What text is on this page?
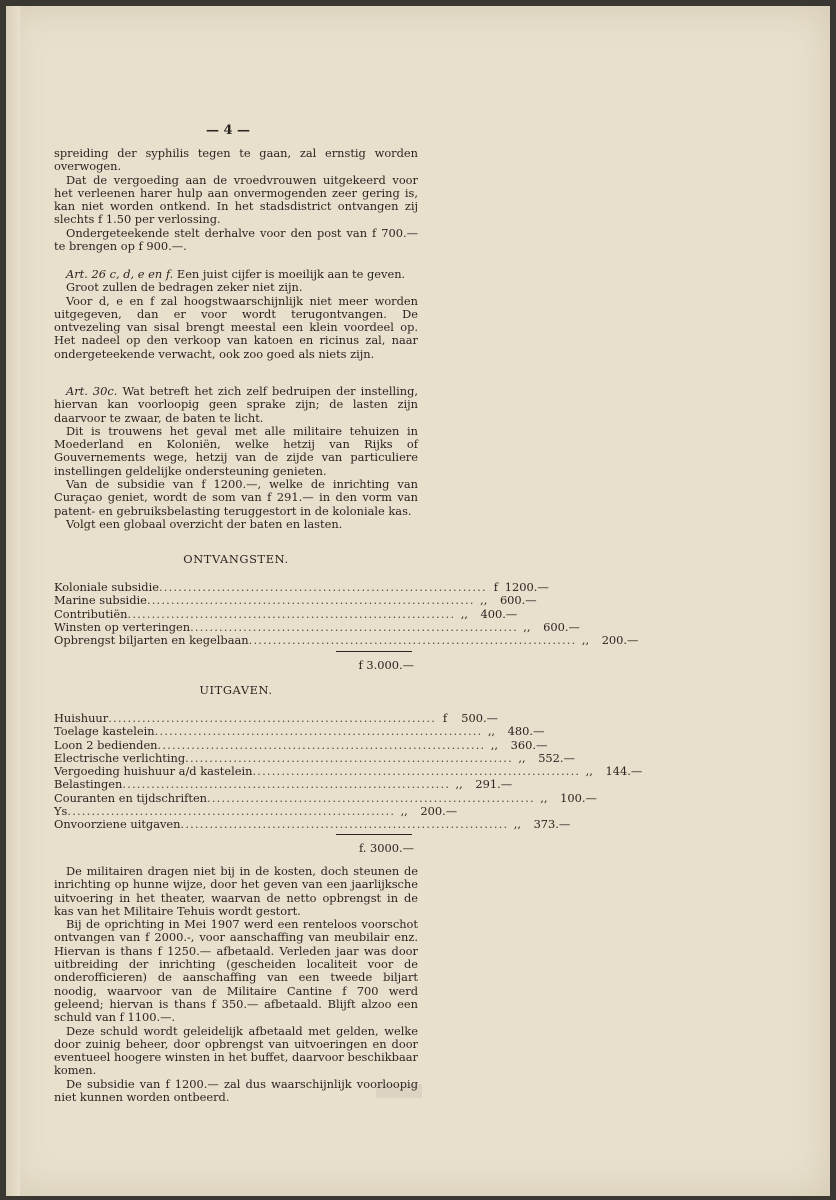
— 4 —

spreiding der syphilis tegen te gaan, zal ernstig worden overwogen.

Dat de vergoeding aan de vroedvrouwen uitgekeerd voor het verleenen harer hulp aan onvermogenden zeer gering is, kan niet worden ontkend. In het stadsdistrict ontvangen zij slechts f 1.50 per verlossing.

Ondergeteekende stelt derhalve voor den post van f 700.— te brengen op f 900.—.

Art. 26 c, d, e en f. Een juist cijfer is moeilijk aan te geven.

Groot zullen de bedragen zeker niet zijn.

Voor d, e en f zal hoogstwaarschijnlijk niet meer worden uitgegeven, dan er voor wordt terugontvangen. De ontvezeling van sisal brengt meestal een klein voordeel op. Het nadeel op den verkoop van katoen en ricinus zal, naar ondergeteekende verwacht, ook zoo goed als niets zijn.

Art. 30c. Wat betreft het zich zelf bedruipen der instelling, hiervan kan voorloopig geen sprake zijn; de lasten zijn daarvoor te zwaar, de baten te licht.

Dit is trouwens het geval met alle militaire tehuizen in Moederland en Koloniën, welke hetzij van Rijks of Gouvernements wege, hetzij van de zijde van particuliere instellingen geldelijke ondersteuning genieten.

Van de subsidie van f 1200.—, welke de inrichting van Curaçao geniet, wordt de som van f 291.— in den vorm van patent- en gebruiksbelasting teruggestort in de koloniale kas.

Volgt een globaal overzicht der baten en lasten.

ONTVANGSTEN.
Koloniale subsidie .................................................................... f 1200.—
Marine subsidie .................................................................... ,,	600.—
Contributiën .................................................................... ,,	400.—
Winsten op verteringen .................................................................... ,,	600.—
Opbrengst biljarten en kegelbaan .................................................................... ,,	200.—
f 3.000.—
UITGAVEN.
Huishuur .................................................................... f	500.—
Toelage kastelein .................................................................... ,,	480.—
Loon 2 bedienden .................................................................... ,,	360.—
Electrische verlichting .................................................................... ,,	552.—
Vergoeding huishuur a/d kastelein .................................................................... ,,	144.—
Belastingen .................................................................... ,,	291.—
Couranten en tijdschriften .................................................................... ,,	100.—
Ys .................................................................... ,,	200.—
Onvoorziene uitgaven .................................................................... ,,	373.—
f. 3000.—

De militairen dragen niet bij in de kosten, doch steunen de inrichting op hunne wijze, door het geven van een jaarlijksche uitvoering in het theater, waarvan de netto opbrengst in de kas van het Militaire Tehuis wordt gestort.

Bij de oprichting in Mei 1907 werd een renteloos voorschot ontvangen van f 2000.-, voor aanschaffing van meubilair enz. Hiervan is thans f 1250.— afbetaald. Verleden jaar was door uitbreiding der inrichting (gescheiden localiteit voor de onderofficieren) de aanschaffing van een tweede biljart noodig, waarvoor van de Militaire Cantine f 700 werd geleend; hiervan is thans f 350.— afbetaald. Blijft alzoo een schuld van f 1100.—.

Deze schuld wordt geleidelijk afbetaald met gelden, welke door zuinig beheer, door opbrengst van uitvoeringen en door eventueel hoogere winsten in het buffet, daarvoor beschikbaar komen.

De subsidie van f 1200.— zal dus waarschijnlijk voorloopig niet kunnen worden ontbeerd.
